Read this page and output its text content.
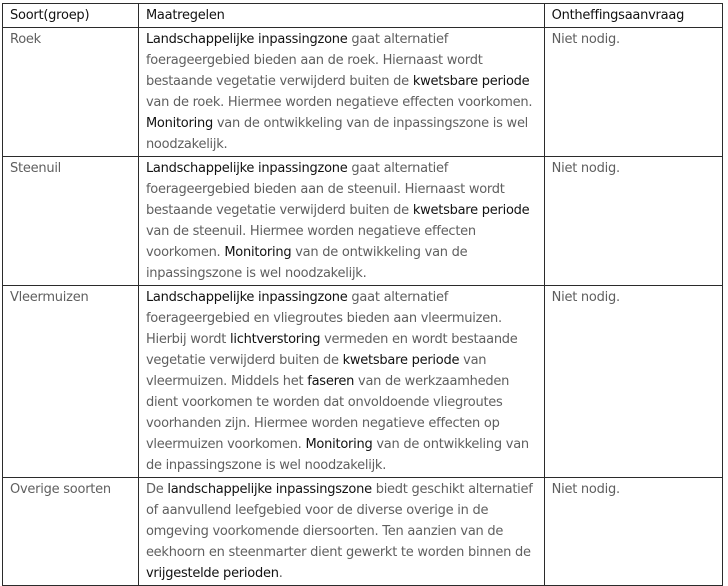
Soort(groep)	Maatregelen	Ontheffingsaanvraag
Roek	Landschappelijke inpassingzone gaat alternatief foerageergebied bieden aan de roek. Hiernaast wordt bestaande vegetatie verwijderd buiten de kwetsbare periode van de roek. Hiermee worden negatieve effecten voorkomen. Monitoring van de ontwikkeling van de inpassingszone is wel noodzakelijk.	Niet nodig.
Steenuil	Landschappelijke inpassingzone gaat alternatief foerageergebied bieden aan de steenuil. Hiernaast wordt bestaande vegetatie verwijderd buiten de kwetsbare periode van de steenuil. Hiermee worden negatieve effecten voorkomen. Monitoring van de ontwikkeling van de inpassingszone is wel noodzakelijk.	Niet nodig.
Vleermuizen	Landschappelijke inpassingzone gaat alternatief foerageergebied en vliegroutes bieden aan vleermuizen. Hierbij wordt lichtverstoring vermeden en wordt bestaande vegetatie verwijderd buiten de kwetsbare periode van vleermuizen. Middels het faseren van de werkzaamheden dient voorkomen te worden dat onvoldoende vliegroutes voorhanden zijn. Hiermee worden negatieve effecten op vleermuizen voorkomen. Monitoring van de ontwikkeling van de inpassingszone is wel noodzakelijk.	Niet nodig.
Overige soorten	De landschappelijke inpassingszone biedt geschikt alternatief of aanvullend leefgebied voor de diverse overige in de omgeving voorkomende diersoorten. Ten aanzien van de eekhoorn en steenmarter dient gewerkt te worden binnen de vrijgestelde perioden.	Niet nodig.
